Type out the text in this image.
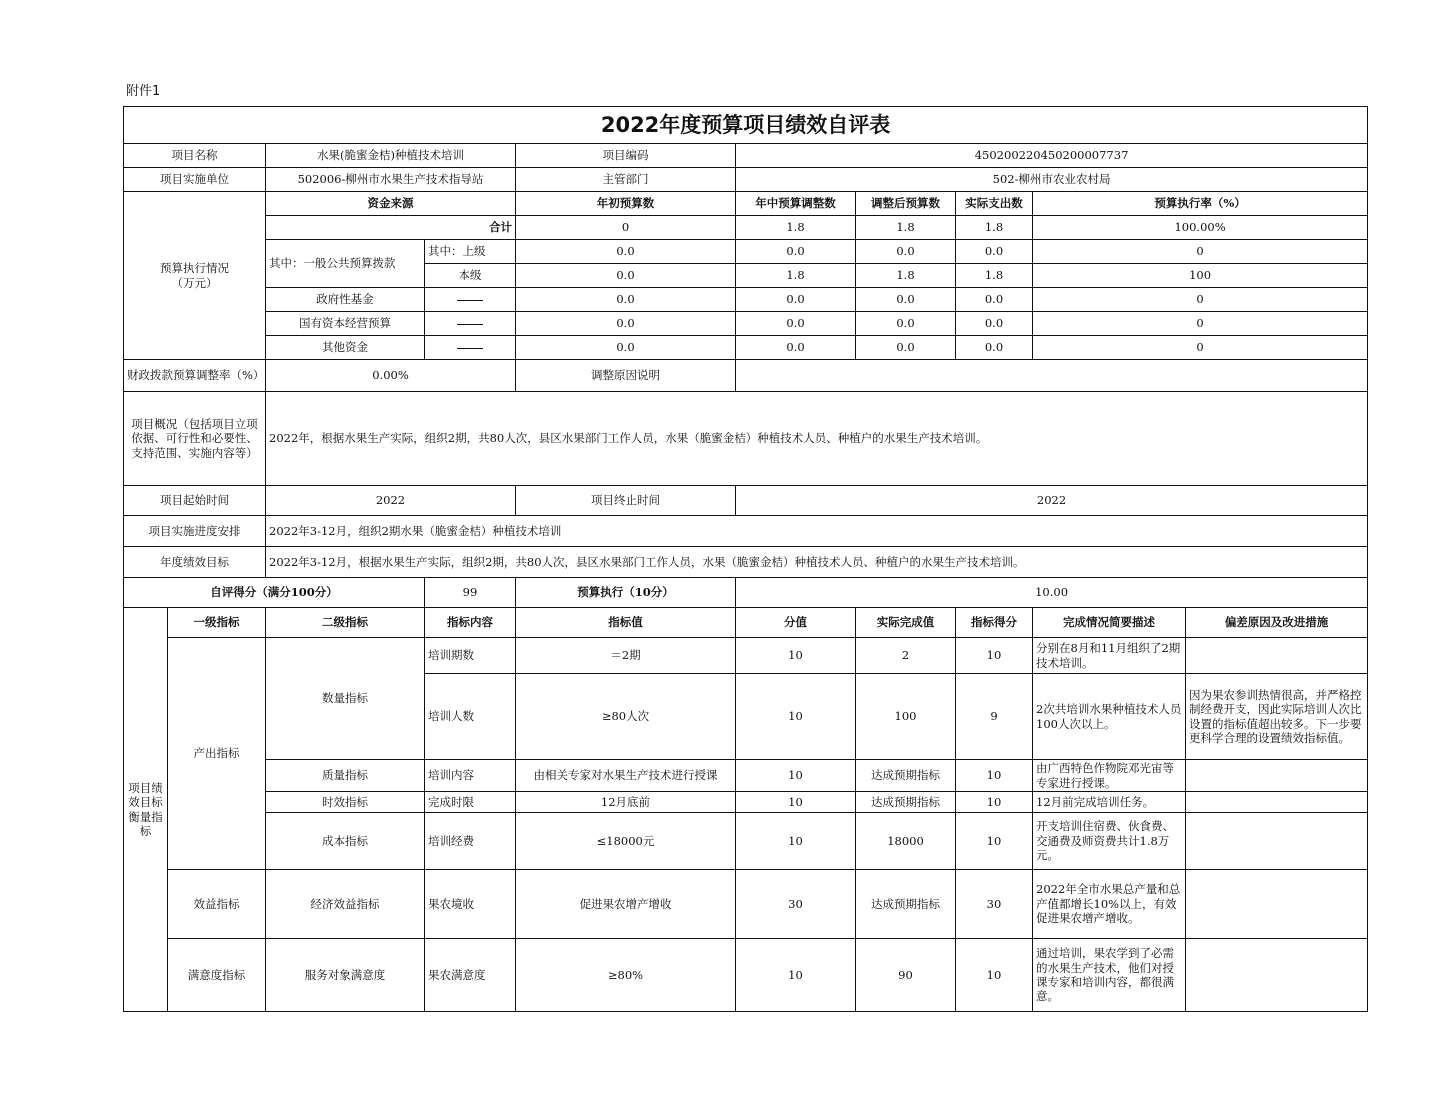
附件1
2022年度预算项目绩效自评表									
项目名称		水果(脆蜜金桔)种植技术培训		项目编码	450200220450200007737				
项目实施单位		502006-柳州市水果生产技术指导站		主管部门	502-柳州市农业农村局				
预算执行情况
（万元）		资金来源		年初预算数	年中预算调整数	调整后预算数	实际支出数	预算执行率（%）	
		合计		0	1.8	1.8	1.8	100.00%	
		其中：一般公共预算拨款	其中：上级	0.0	0.0	0.0	0.0	0	
			本级	0.0	1.8	1.8	1.8	100	
		政府性基金		0.0	0.0	0.0	0.0	0	
		国有资本经营预算		0.0	0.0	0.0	0.0	0	
		其他资金		0.0	0.0	0.0	0.0	0	
财政拨款预算调整率（%）		0.00%		调整原因说明					
项目概况（包括项目立项依据、可行性和必要性、支持范围、实施内容等）		2022年，根据水果生产实际，组织2期，共80人次，县区水果部门工作人员，水果（脆蜜金桔）种植技术人员、种植户的水果生产技术培训。							
项目起始时间		2022		项目终止时间	2022				
项目实施进度安排		2022年3-12月，组织2期水果（脆蜜金桔）种植技术培训							
年度绩效目标		2022年3-12月，根据水果生产实际，组织2期，共80人次，县区水果部门工作人员，水果（脆蜜金桔）种植技术人员、种植户的水果生产技术培训。							
自评得分（满分100分）			99	预算执行（10分）	10.00				
项目绩效目标衡量指标	一级指标	二级指标	指标内容	指标值	分值	实际完成值	指标得分	完成情况简要描述	偏差原因及改进措施
	产出指标	数量指标	培训期数	＝2期	10	2	10	分别在8月和11月组织了2期技术培训。	
			培训人数	≥80人次	10	100	9	2次共培训水果种植技术人员100人次以上。	因为果农参训热情很高，并严格控制经费开支，因此实际培训人次比设置的指标值超出较多。下一步要更科学合理的设置绩效指标值。
		质量指标	培训内容	由相关专家对水果生产技术进行授课	10	达成预期指标	10	由广西特色作物院邓光宙等专家进行授课。	
		时效指标	完成时限	12月底前	10	达成预期指标	10	12月前完成培训任务。	
		成本指标	培训经费	≤18000元	10	18000	10	开支培训住宿费、伙食费、交通费及师资费共计1.8万元。	
	效益指标	经济效益指标	果农境收	促进果农增产增收	30	达成预期指标	30	2022年全市水果总产量和总产值都增长10%以上，有效促进果农增产增收。	
	满意度指标	服务对象满意度	果农满意度	≥80%	10	90	10	通过培训，果农学到了必需的水果生产技术，他们对授课专家和培训内容，都很满意。	
